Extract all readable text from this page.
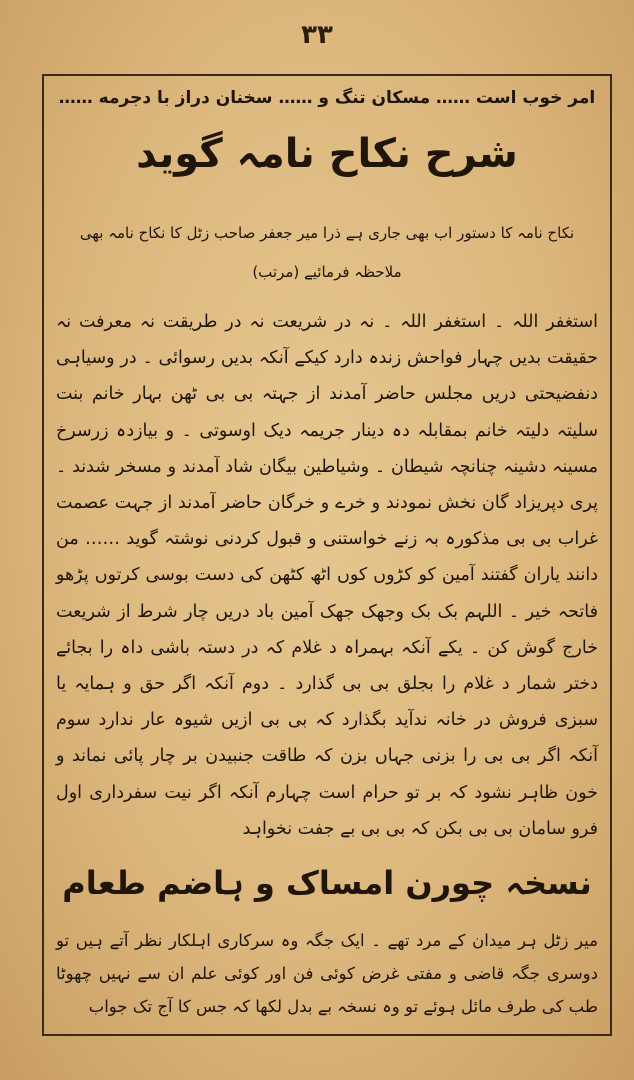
۳۳
امر خوب است …… مسکان تنگ و …… سخنان دراز با دجرمه ……
شرح نکاح نامہ گوید
نکاح نامہ کا دستور اب بھی جاری ہے ذرا میر جعفر صاحب زٹل کا نکاح نامہ بھی ملاحظہ فرمائیے (مرتب)
استغفر اللہ ۔ استغفر اللہ ۔ نہ در شریعت نہ در طریقت نہ معرفت نہ حقیقت بدیں چہار فواحش زندہ دارد کیکے آنکہ بدیں رسوائی ۔ در وسیاہی دنفضیحتی دریں مجلس حاضر آمدند از جہتہ بی بی ٹھن بہار خانم بنت سلیتہ دلیتہ خانم بمقابلہ دہ دینار جریمہ دیک اوسوتی ۔ و بیازدہ زرسرخ مسینہ دشینہ چنانچہ شیطان ۔ وشیاطین بیگان شاد آمدند و مسخر شدند ۔ پری دپریزاد گان نخش نمودند و خرے و خرگان حاضر آمدند از جہت عصمت غراب بی بی مذکورہ بہ زنے خواستنی و قبول کردنی نوشتہ گوید …… من دانند یاران گفتند آمین کو کڑوں کوں اٹھ کٹھن کی دست بوسی کرتوں پڑھو فاتحہ خیر ۔ اللہم بک بک وجھک جھک آمین باد دریں چار شرط از شریعت خارج گوش کن ۔ یکے آنکہ بہمراہ د غلام کہ در دستہ باشی داہ را بجائے دختر شمار د غلام را بجلق بی بی گذارد ۔ دوم آنکہ اگر حق و ہمایہ یا سبزی فروش در خانہ ندآید بگذارد کہ بی بی ازیں شیوہ عار ندارد سوم آنکہ اگر بی بی را بزنی جہاں بزن کہ طاقت جنبیدن بر چار پائی نماند و خون ظاہر نشود کہ بر تو حرام است چہارم آنکہ اگر نیت سفرداری اول فرو سامان بی بی بکن کہ بی بی بے جفت نخواہد
نسخہ چورن امساک و ہاضم طعام
میر زٹل ہر میدان کے مرد تھے ۔ ایک جگہ وہ سرکاری اہلکار نظر آتے ہیں تو دوسری جگہ قاضی و مفتی غرض کوئی فن اور کوئی علم ان سے نہیں چھوٹا طب کی طرف مائل ہوئے تو وہ نسخہ بے بدل لکھا کہ جس کا آج تک جواب
